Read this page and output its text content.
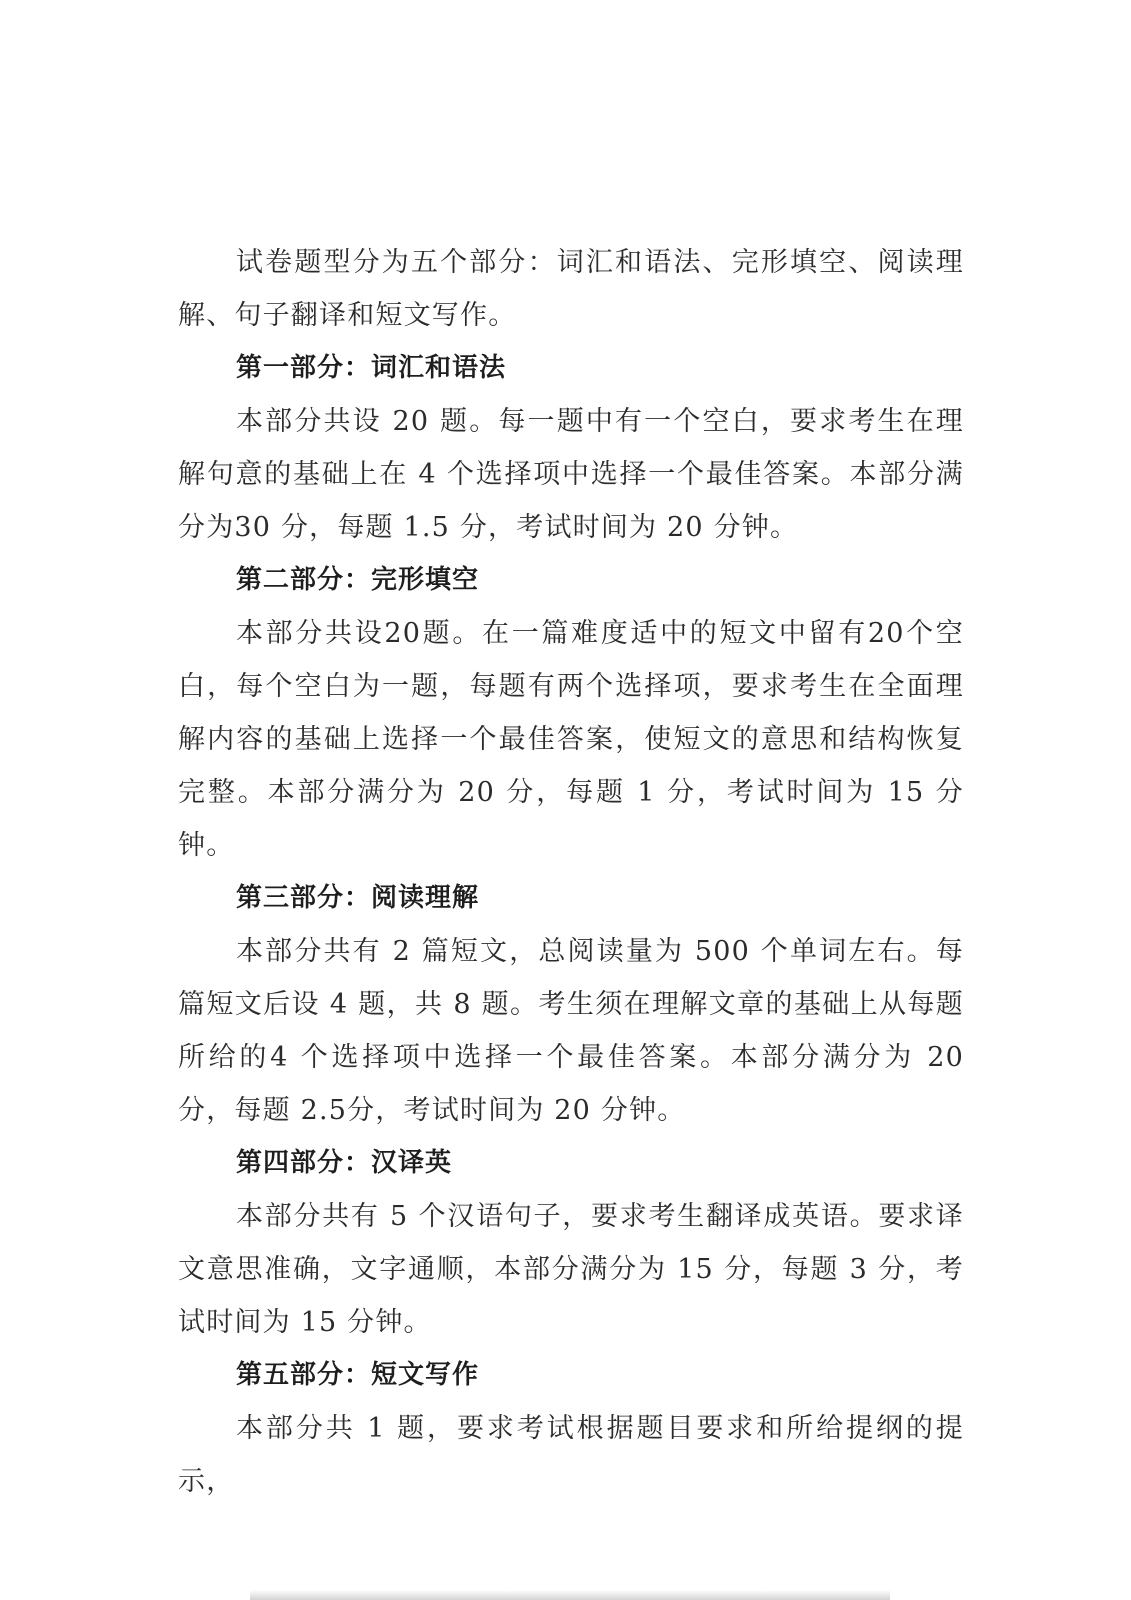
试卷题型分为五个部分：词汇和语法、完形填空、阅读理解、句子翻译和短文写作。

第一部分：词汇和语法

本部分共设 20 题。每一题中有一个空白，要求考生在理解句意的基础上在 4 个选择项中选择一个最佳答案。本部分满分为30 分，每题 1.5 分，考试时间为 20 分钟。

第二部分：完形填空

本部分共设20题。在一篇难度适中的短文中留有20个空白，每个空白为一题，每题有两个选择项，要求考生在全面理解内容的基础上选择一个最佳答案，使短文的意思和结构恢复完整。本部分满分为 20 分，每题 1 分，考试时间为 15 分钟。

第三部分：阅读理解

本部分共有 2 篇短文，总阅读量为 500 个单词左右。每篇短文后设 4 题，共 8 题。考生须在理解文章的基础上从每题所给的4 个选择项中选择一个最佳答案。本部分满分为 20 分，每题 2.5分，考试时间为 20 分钟。

第四部分：汉译英

本部分共有 5 个汉语句子，要求考生翻译成英语。要求译文意思准确，文字通顺，本部分满分为 15 分，每题 3 分，考试时间为 15 分钟。

第五部分：短文写作

本部分共 1 题，要求考试根据题目要求和所给提纲的提示，
